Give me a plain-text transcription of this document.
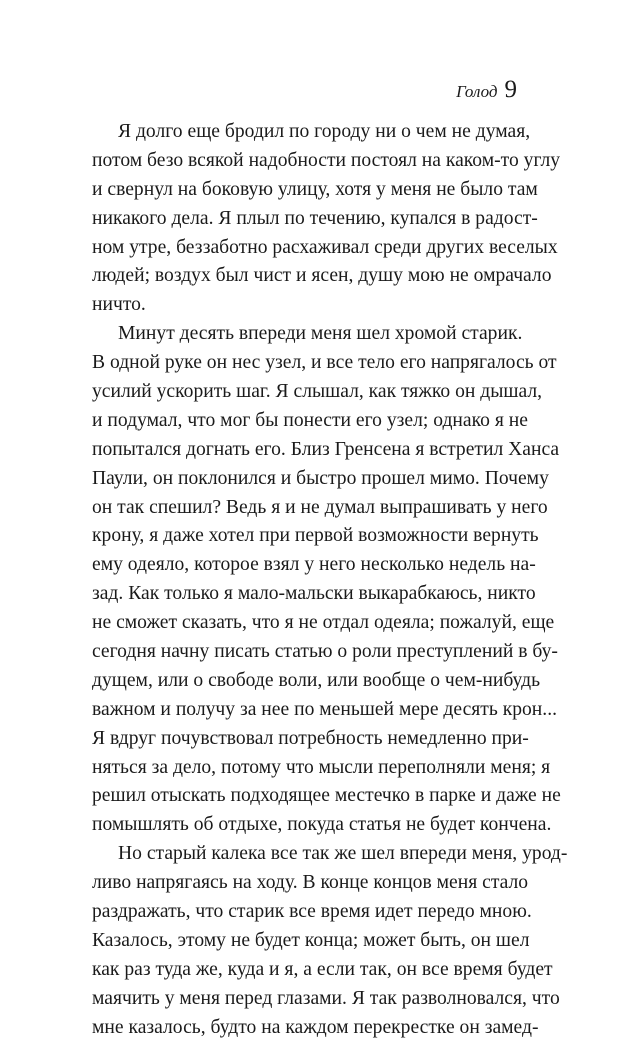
Голод 9
Я долго еще бродил по городу ни о чем не думая,
потом безо всякой надобности постоял на каком-то углу
и свернул на боковую улицу, хотя у меня не было там
никакого дела. Я плыл по течению, купался в радост-
ном утре, беззаботно расхаживал среди других веселых
людей; воздух был чист и ясен, душу мою не омрачало
ничто.
Минут десять впереди меня шел хромой старик.
В одной руке он нес узел, и все тело его напрягалось от
усилий ускорить шаг. Я слышал, как тяжко он дышал,
и подумал, что мог бы понести его узел; однако я не
попытался догнать его. Близ Гренсена я встретил Ханса
Паули, он поклонился и быстро прошел мимо. Почему
он так спешил? Ведь я и не думал выпрашивать у него
крону, я даже хотел при первой возможности вернуть
ему одеяло, которое взял у него несколько недель на-
зад. Как только я мало-мальски выкарабкаюсь, никто
не сможет сказать, что я не отдал одеяла; пожалуй, еще
сегодня начну писать статью о роли преступлений в бу-
дущем, или о свободе воли, или вообще о чем-нибудь
важном и получу за нее по меньшей мере десять крон...
Я вдруг почувствовал потребность немедленно при-
няться за дело, потому что мысли переполняли меня; я
решил отыскать подходящее местечко в парке и даже не
помышлять об отдыхе, покуда статья не будет кончена.
Но старый калека все так же шел впереди меня, урод-
ливо напрягаясь на ходу. В конце концов меня стало
раздражать, что старик все время идет передо мною.
Казалось, этому не будет конца; может быть, он шел
как раз туда же, куда и я, а если так, он все время будет
маячить у меня перед глазами. Я так разволновался, что
мне казалось, будто на каждом перекрестке он замед-
